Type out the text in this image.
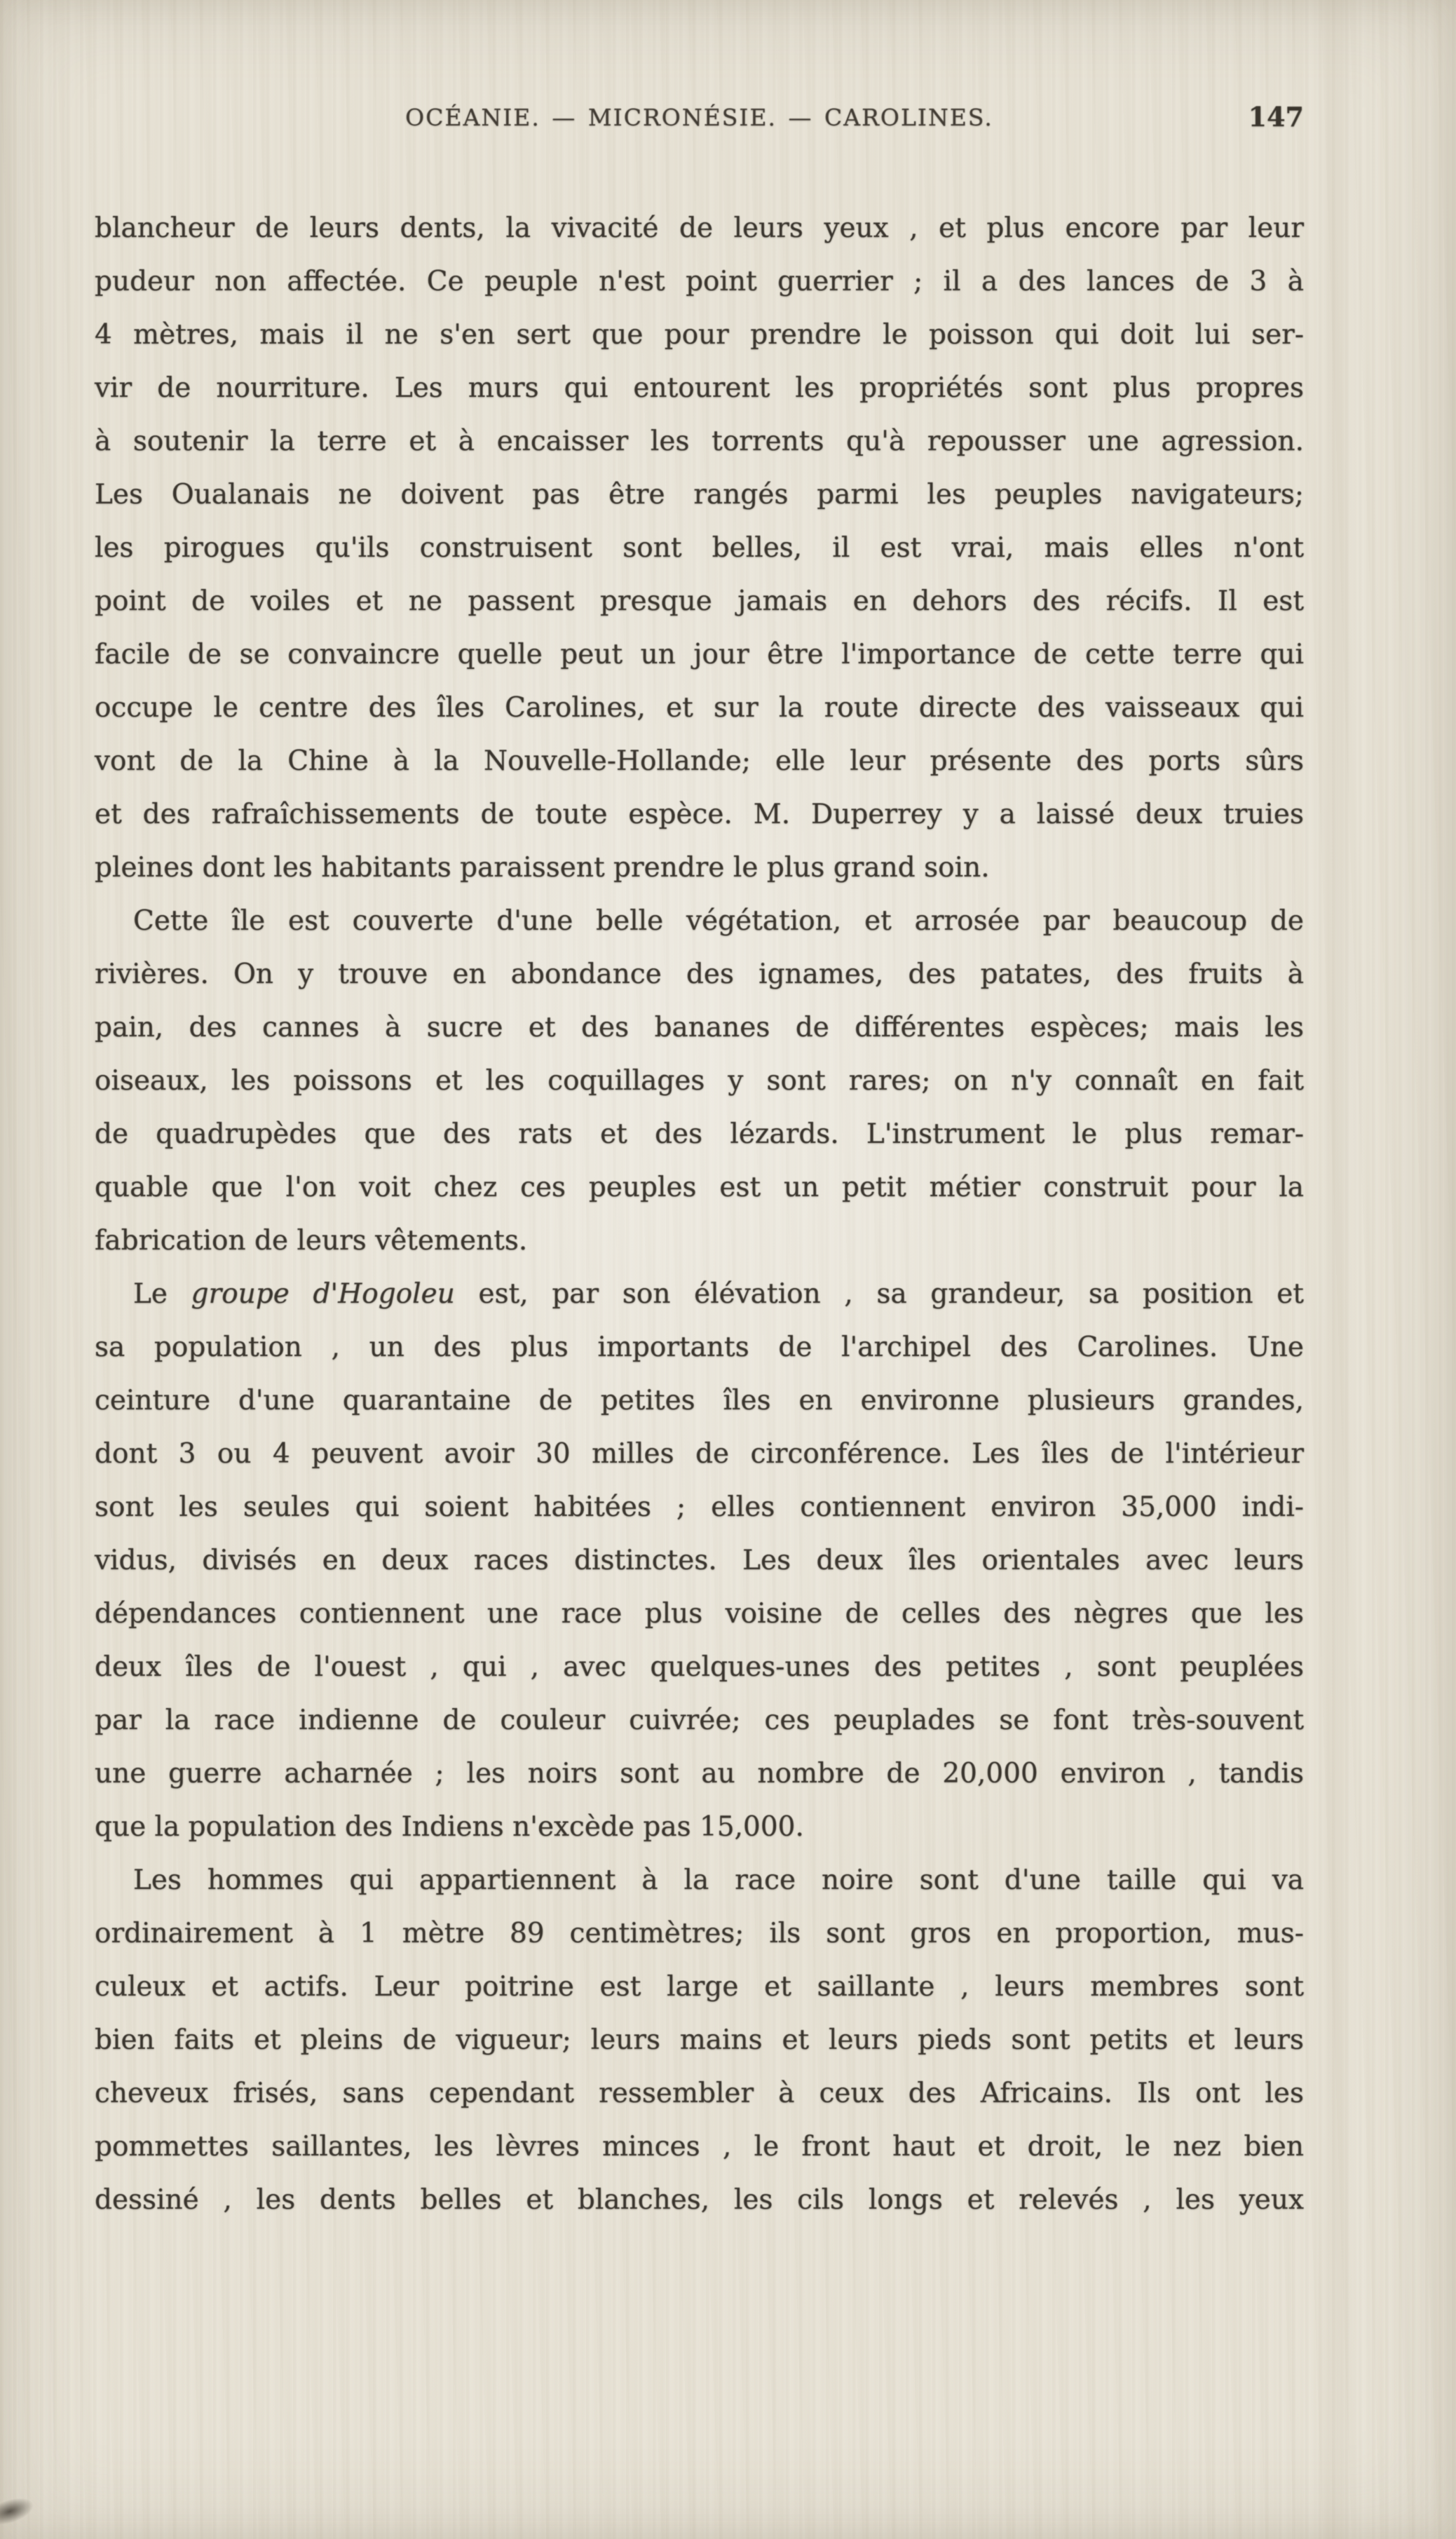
OCÉANIE. — MICRONÉSIE. — CAROLINES.	147
blancheur de leurs dents, la vivacité de leurs yeux , et plus encore par leur
pudeur non affectée. Ce peuple n'est point guerrier ; il a des lances de 3 à
4 mètres, mais il ne s'en sert que pour prendre le poisson qui doit lui ser-
vir de nourriture. Les murs qui entourent les propriétés sont plus propres
à soutenir la terre et à encaisser les torrents qu'à repousser une agression.
Les Oualanais ne doivent pas être rangés parmi les peuples navigateurs;
les pirogues qu'ils construisent sont belles, il est vrai, mais elles n'ont
point de voiles et ne passent presque jamais en dehors des récifs. Il est
facile de se convaincre quelle peut un jour être l'importance de cette terre qui
occupe le centre des îles Carolines, et sur la route directe des vaisseaux qui
vont de la Chine à la Nouvelle-Hollande; elle leur présente des ports sûrs
et des rafraîchissements de toute espèce. M. Duperrey y a laissé deux truies
pleines dont les habitants paraissent prendre le plus grand soin.
Cette île est couverte d'une belle végétation, et arrosée par beaucoup de
rivières. On y trouve en abondance des ignames, des patates, des fruits à
pain, des cannes à sucre et des bananes de différentes espèces; mais les
oiseaux, les poissons et les coquillages y sont rares; on n'y connaît en fait
de quadrupèdes que des rats et des lézards. L'instrument le plus remar-
quable que l'on voit chez ces peuples est un petit métier construit pour la
fabrication de leurs vêtements.
Le groupe d'Hogoleu est, par son élévation , sa grandeur, sa position et
sa population , un des plus importants de l'archipel des Carolines. Une
ceinture d'une quarantaine de petites îles en environne plusieurs grandes,
dont 3 ou 4 peuvent avoir 30 milles de circonférence. Les îles de l'intérieur
sont les seules qui soient habitées ; elles contiennent environ 35,000 indi-
vidus, divisés en deux races distinctes. Les deux îles orientales avec leurs
dépendances contiennent une race plus voisine de celles des nègres que les
deux îles de l'ouest , qui , avec quelques-unes des petites , sont peuplées
par la race indienne de couleur cuivrée; ces peuplades se font très-souvent
une guerre acharnée ; les noirs sont au nombre de 20,000 environ , tandis
que la population des Indiens n'excède pas 15,000.
Les hommes qui appartiennent à la race noire sont d'une taille qui va
ordinairement à 1 mètre 89 centimètres; ils sont gros en proportion, mus-
culeux et actifs. Leur poitrine est large et saillante , leurs membres sont
bien faits et pleins de vigueur; leurs mains et leurs pieds sont petits et leurs
cheveux frisés, sans cependant ressembler à ceux des Africains. Ils ont les
pommettes saillantes, les lèvres minces , le front haut et droit, le nez bien
dessiné , les dents belles et blanches, les cils longs et relevés , les yeux
